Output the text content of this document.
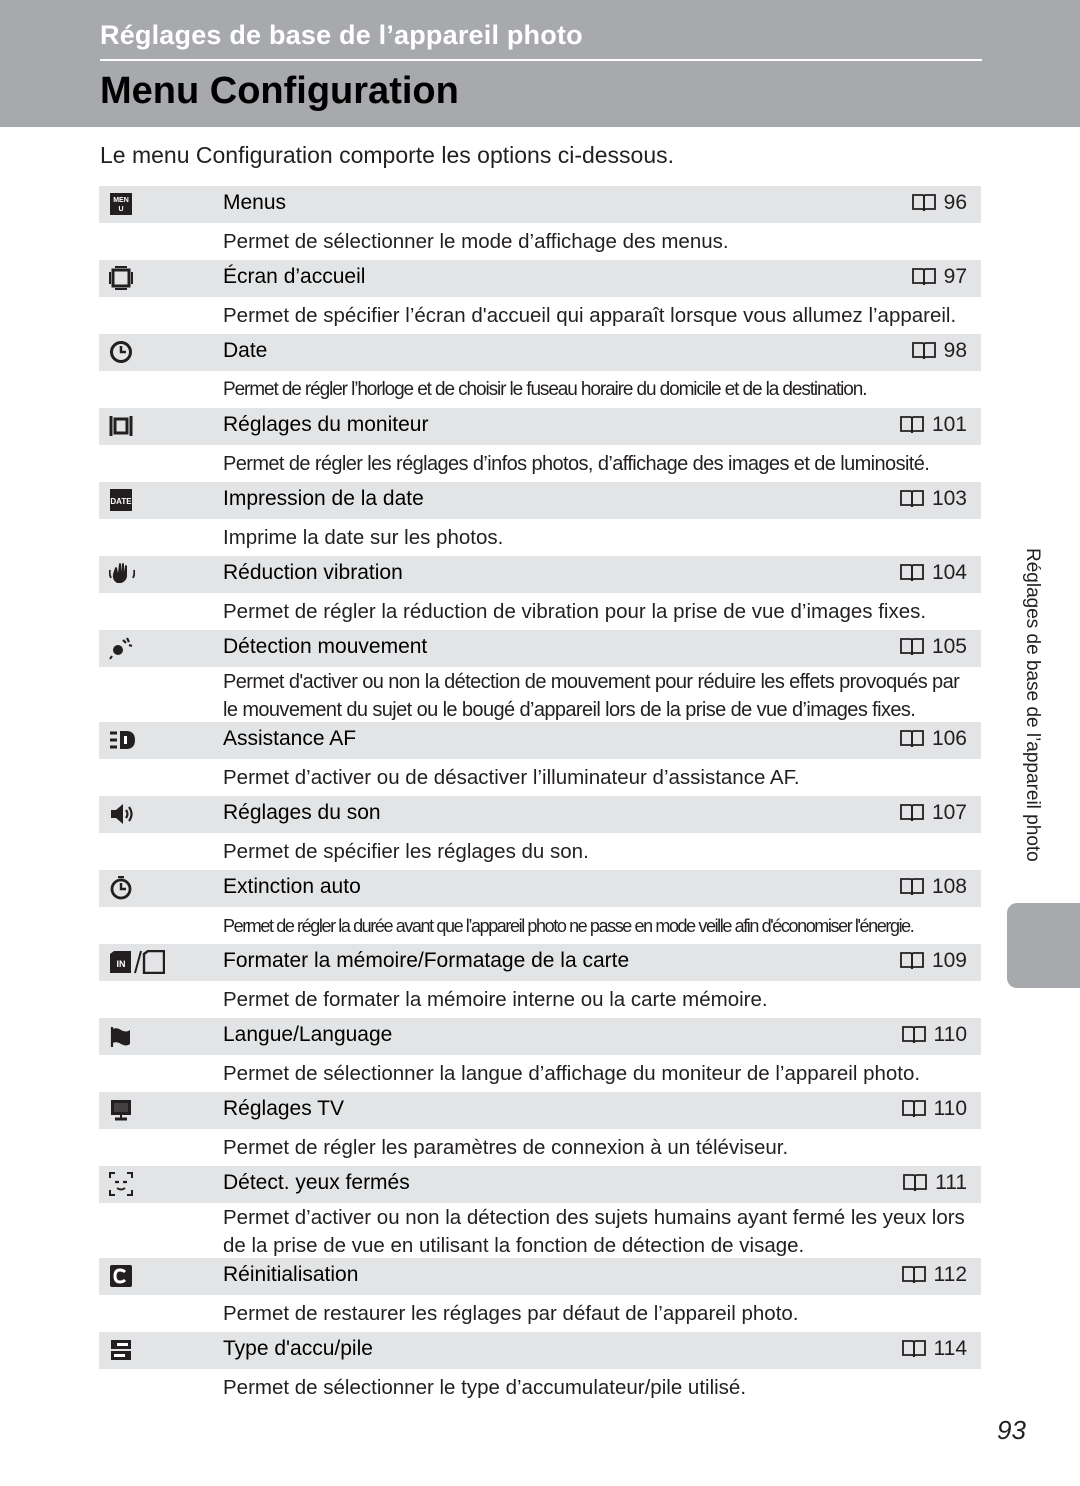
Réglages de base de l’appareil photo
Menu Configuration
Le menu Configuration comporte les options ci-dessous.
MEN
U	Menus	96
Permet de sélectionner le mode d’affichage des menus.
Écran d’accueil	97
Permet de spécifier l’écran d'accueil qui apparaît lorsque vous allumez l’appareil.
Date	98
Permet de régler l’horloge et de choisir le fuseau horaire du domicile et de la destination.
Réglages du moniteur	101
Permet de régler les réglages d’infos photos, d’affichage des images et de luminosité.
DATE	Impression de la date	103
Imprime la date sur les photos.
Réduction vibration	104
Permet de régler la réduction de vibration pour la prise de vue d’images fixes.
Détection mouvement	105
Permet d'activer ou non la détection de mouvement pour réduire les effets provoqués par le mouvement du sujet ou le bougé d’appareil lors de la prise de vue d’images fixes.
Assistance AF	106
Permet d’activer ou de désactiver l’illuminateur d’assistance AF.
Réglages du son	107
Permet de spécifier les réglages du son.
Extinction auto	108
Permet de régler la durée avant que l’appareil photo ne passe en mode veille afin d'économiser l'énergie.
IN	Formater la mémoire/Formatage de la carte	109
Permet de formater la mémoire interne ou la carte mémoire.
Langue/Language	110
Permet de sélectionner la langue d’affichage du moniteur de l’appareil photo.
Réglages TV	110
Permet de régler les paramètres de connexion à un téléviseur.
Détect. yeux fermés	111
Permet d’activer ou non la détection des sujets humains ayant fermé les yeux lors de la prise de vue en utilisant la fonction de détection de visage.
Réinitialisation	112
Permet de restaurer les réglages par défaut de l’appareil photo.
Type d'accu/pile	114
Permet de sélectionner le type d’accumulateur/pile utilisé.
Réglages de base de l’appareil photo
93
